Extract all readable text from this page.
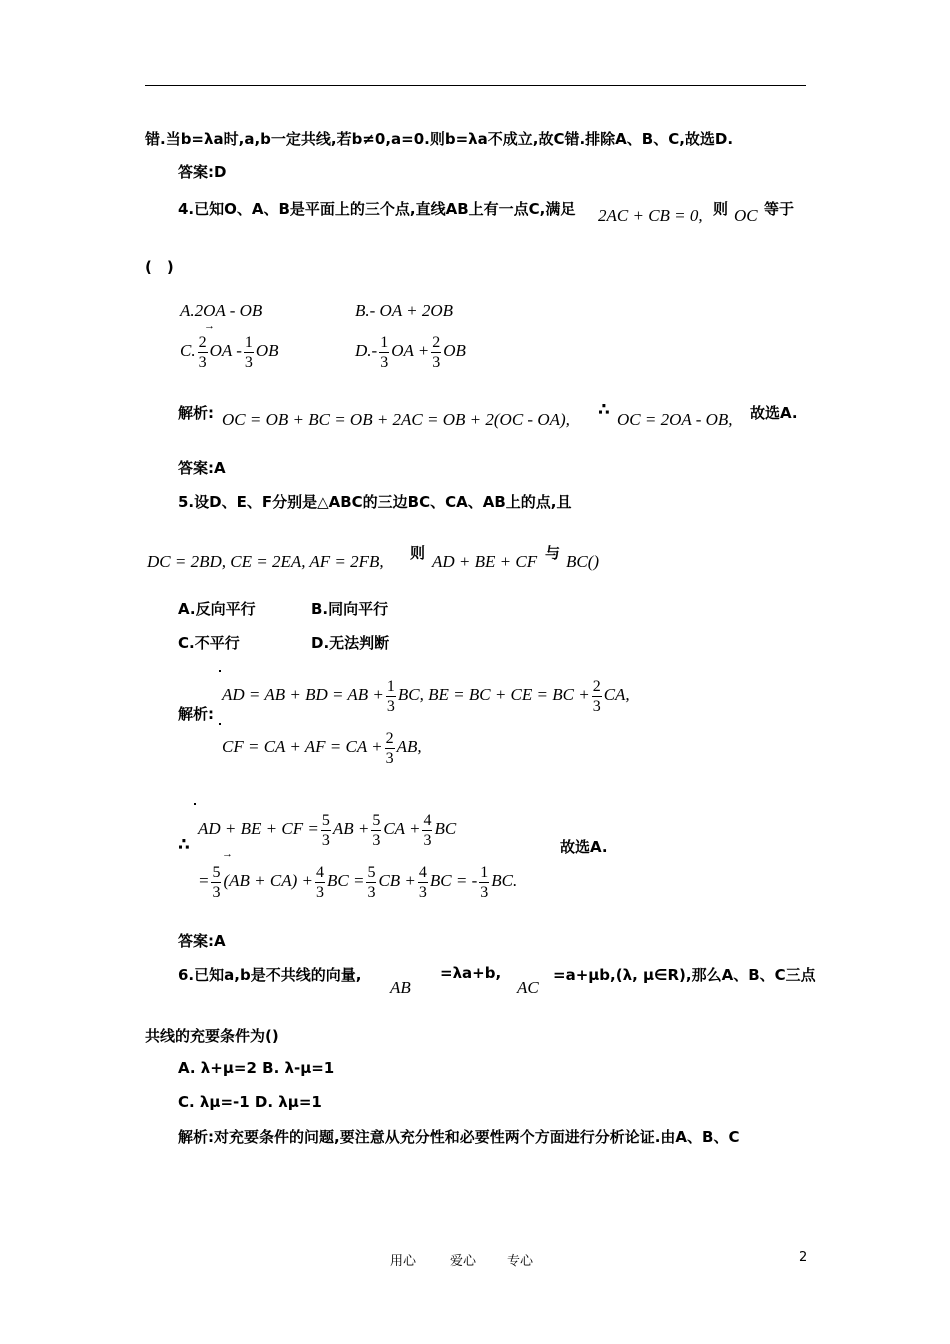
错.当b=λa时,a,b一定共线,若b≠0,a=0.则b=λa不成立,故C错.排除A、B、C,故选D.
答案:D
4.已知O、A、B是平面上的三个点,直线AB上有一点C,满足 2AC + CB = 0, 则 OC 等于
(　)
A.2OA - OB	B.- OA + 2OB
C. $\frac{2}{3}$ OA - $\frac{1}{3}$ OB
→
$D.- \frac{1}{3}$ OA + $\frac{2}{3}$ OB
解析: OC = OB + BC = OB + 2AC = OB + 2(OC - OA), ∴ OC = 2OA - OB, 故选A.
答案:A
5.设D、E、F分别是△ABC的三边BC、CA、AB上的点,且
DC = 2BD, CE = 2EA, AF = 2FB, 则 AD + BE + CF 与 BC()
A.反向平行	B.同向平行
C.不平行	D.无法判断
解析:
AD = AB + BD = AB + $\frac{1}{3}$ BC, BE = BC + CE = BC + $\frac{2}{3}$ CA,
CF = CA + AF = CA + $\frac{2}{3}$ AB,
∴
AD + BE + CF = $\frac{5}{3}$ AB + $\frac{5}{3}$ CA + $\frac{4}{3}$ BC
故选A.
→
= $\frac{5}{3} (AB + CA) + \frac{4}{3}$ BC = $\frac{5}{3}$ CB + $\frac{4}{3}$ BC = - $\frac{1}{3}$ BC.
答案:A
6.已知a,b是不共线的向量,
AB
=λa+b,
AC
=a+μb,(λ, μ∈R),那么A、B、C三点
共线的充要条件为()
A. λ+μ=2 B. λ-μ=1
C. λμ=-1 D. λμ=1
解析:对充要条件的问题,要注意从充分性和必要性两个方面进行分析论证.由A、B、C
用心	爱心 专心	2
